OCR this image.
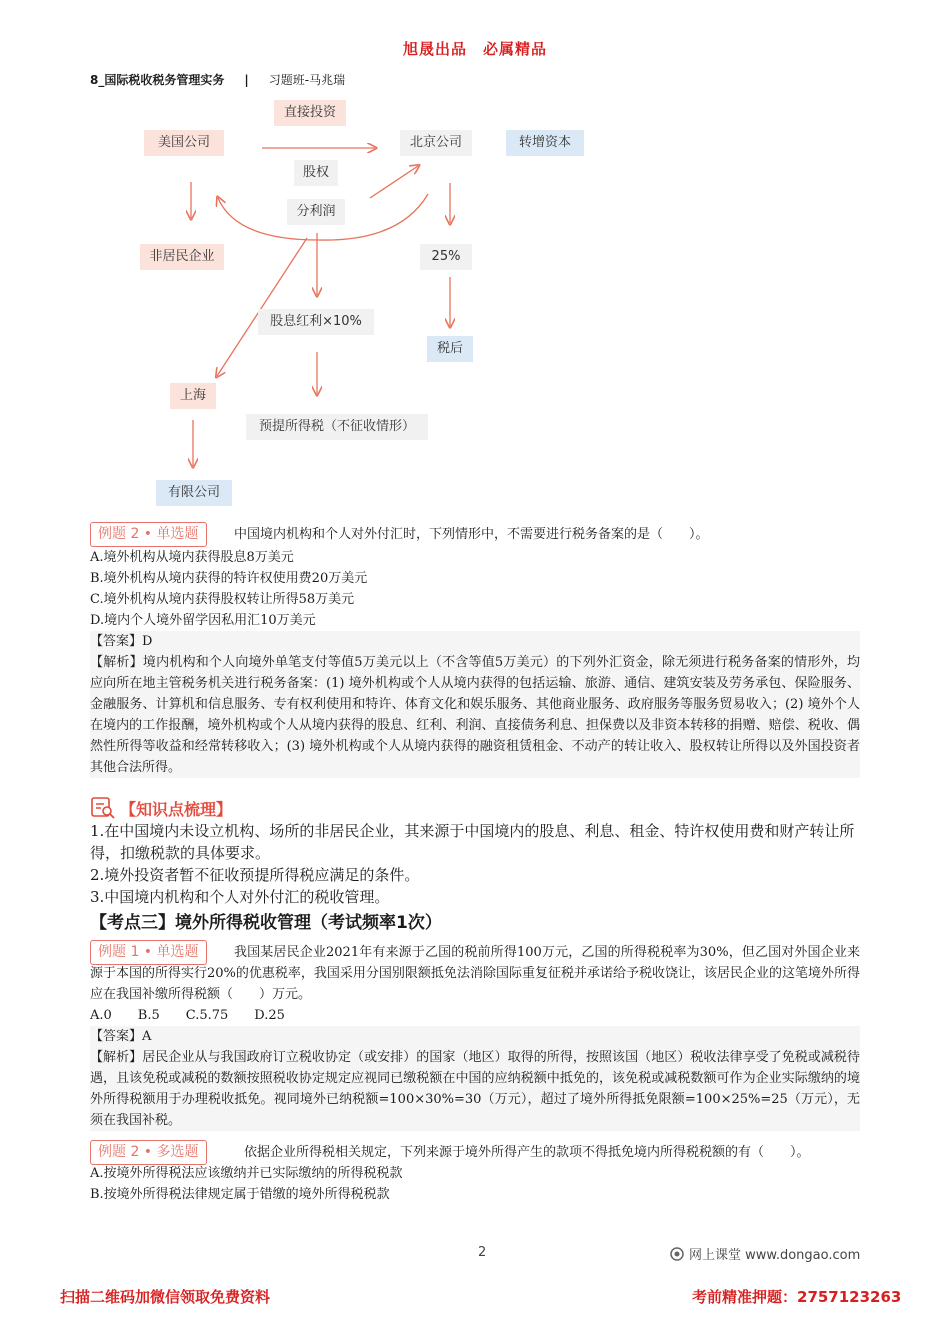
旭晟出品　必属精品
8_国际税收税务管理实务 | 习题班-马兆瑞
直接投资
美国公司	北京公司	转增资本
股权
分利润
非居民企业	25%
股息红利×10%
税后
上海
预提所得税（不征收情形）
有限公司
例题 2 • 单选题	中国境内机构和个人对外付汇时，下列情形中，不需要进行税务备案的是（　　）。
A.境外机构从境内获得股息8万美元
B.境外机构从境内获得的特许权使用费20万美元
C.境外机构从境内获得股权转让所得58万美元
D.境内个人境外留学因私用汇10万美元
【答案】D
【解析】境内机构和个人向境外单笔支付等值5万美元以上（不含等值5万美元）的下列外汇资金，除无须进行税务备案的情形外，均应向所在地主管税务机关进行税务备案：(1) 境外机构或个人从境内获得的包括运输、旅游、通信、建筑安装及劳务承包、保险服务、金融服务、计算机和信息服务、专有权利使用和特许、体育文化和娱乐服务、其他商业服务、政府服务等服务贸易收入；(2) 境外个人在境内的工作报酬，境外机构或个人从境内获得的股息、红利、利润、直接债务利息、担保费以及非资本转移的捐赠、赔偿、税收、偶然性所得等收益和经常转移收入；(3) 境外机构或个人从境内获得的融资租赁租金、不动产的转让收入、股权转让所得以及外国投资者其他合法所得。
【知识点梳理】
1.在中国境内未设立机构、场所的非居民企业，其来源于中国境内的股息、利息、租金、特许权使用费和财产转让所得，扣缴税款的具体要求。
2.境外投资者暂不征收预提所得税应满足的条件。
3.中国境内机构和个人对外付汇的税收管理。
【考点三】境外所得税收管理（考试频率1次）
例题 1 • 单选题	我国某居民企业2021年有来源于乙国的税前所得100万元，乙国的所得税税率为30%，但乙国对外国企业来源于本国的所得实行20%的优惠税率，我国采用分国别限额抵免法消除国际重复征税并承诺给予税收饶让，该居民企业的这笔境外所得应在我国补缴所得税额（　　）万元。
A.0　　B.5　　C.5.75　　D.25
【答案】A
【解析】居民企业从与我国政府订立税收协定（或安排）的国家（地区）取得的所得，按照该国（地区）税收法律享受了免税或减税待遇，且该免税或减税的数额按照税收协定规定应视同已缴税额在中国的应纳税额中抵免的，该免税或减税数额可作为企业实际缴纳的境外所得税额用于办理税收抵免。视同境外已纳税额=100×30%=30（万元），超过了境外所得抵免限额=100×25%=25（万元），无须在我国补税。
例题 2 • 多选题	依据企业所得税相关规定，下列来源于境外所得产生的款项不得抵免境内所得税税额的有（　　）。
A.按境外所得税法应该缴纳并已实际缴纳的所得税税款
B.按境外所得税法律规定属于错缴的境外所得税税款
2	网上课堂 www.dongao.com
扫描二维码加微信领取免费资料	考前精准押题：2757123263
